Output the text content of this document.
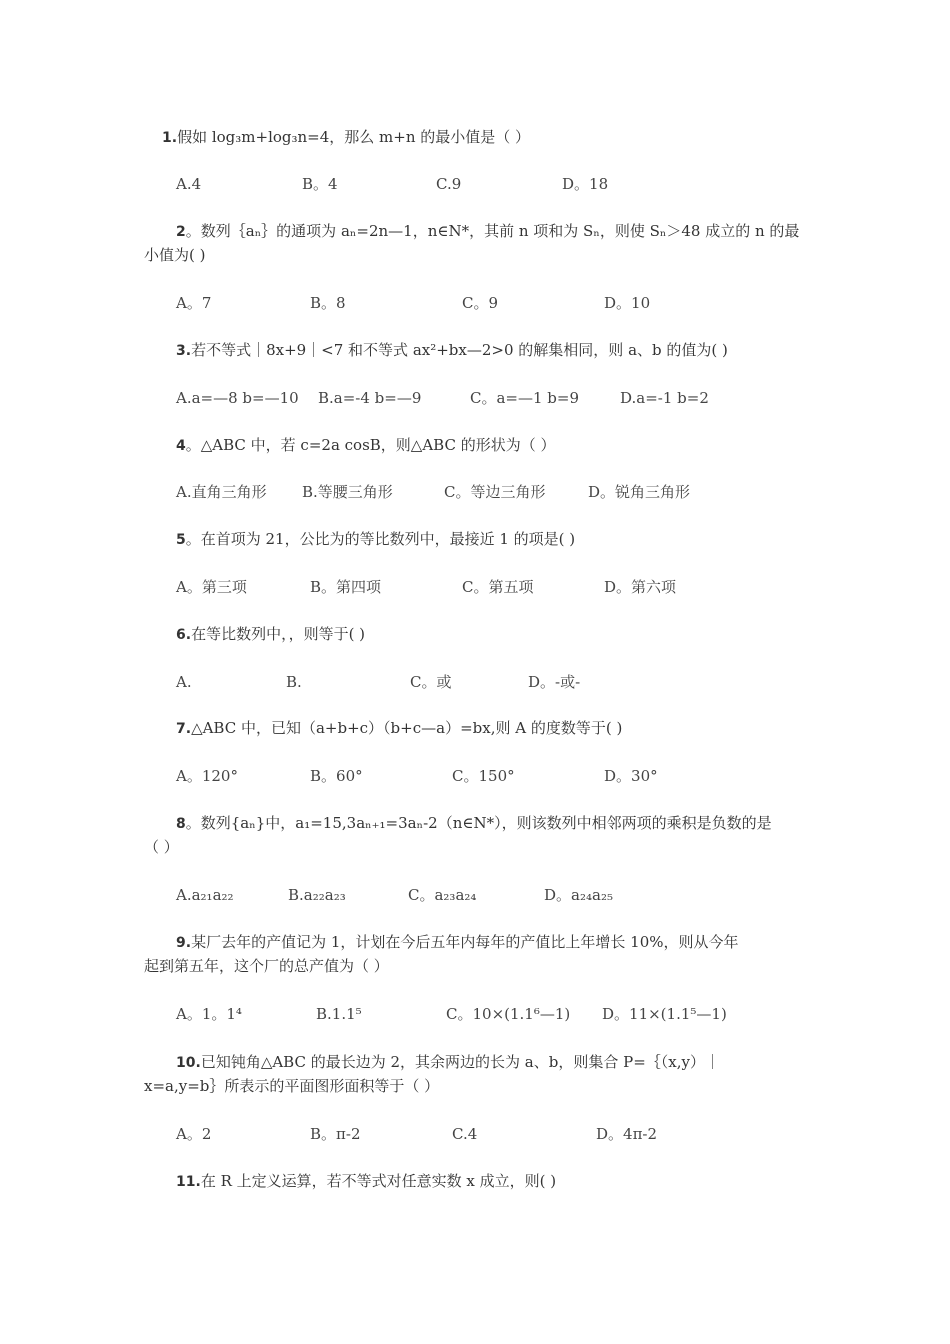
1.假如 log₃m+log₃n=4，那么 m+n 的最小值是（ ）
A.4	B。4	C.9	D。18
2。数列｛aₙ｝的通项为 aₙ=2n—1，n∈N*，其前 n 项和为 Sₙ，则使 Sₙ＞48 成立的 n 的最
小值为( )
A。7	B。8	C。9	D。10
3.若不等式｜8x+9｜<7 和不等式 ax²+bx—2>0 的解集相同，则 a、b 的值为( )
A.a=—8 b=—10 B.a=-4 b=—9	C。a=—1 b=9	D.a=-1 b=2
4。△ABC 中，若 c=2a cosB，则△ABC 的形状为（ ）
A.直角三角形 B.等腰三角形	C。等边三角形	D。锐角三角形
5。在首项为 21，公比为的等比数列中，最接近 1 的项是( )
A。第三项	B。第四项	C。第五项	D。第六项
6.在等比数列中，，则等于( )
A.	B.	C。或	D。-或-
7.△ABC 中，已知（a+b+c）（b+c—a）=bx,则 A 的度数等于( )
A。120°	B。60°	C。150°	D。30°
8。数列{aₙ}中，a₁=15,3aₙ₊₁=3aₙ-2（n∈N*），则该数列中相邻两项的乘积是负数的是
（ ）
A.a₂₁a₂₂	B.a₂₂a₂₃	C。a₂₃a₂₄	D。a₂₄a₂₅
9.某厂去年的产值记为 1，计划在今后五年内每年的产值比上年增长 10%，则从今年
起到第五年，这个厂的总产值为（ ）
A。1。1⁴	B.1.1⁵	C。10×(1.1⁶—1) D。11×(1.1⁵—1)
10.已知钝角△ABC 的最长边为 2，其余两边的长为 a、b，则集合 P=｛（x,y）｜
x=a,y=b｝所表示的平面图形面积等于（ ）
A。2	B。π-2	C.4	D。4π-2
11.在 R 上定义运算，若不等式对任意实数 x 成立，则( )
